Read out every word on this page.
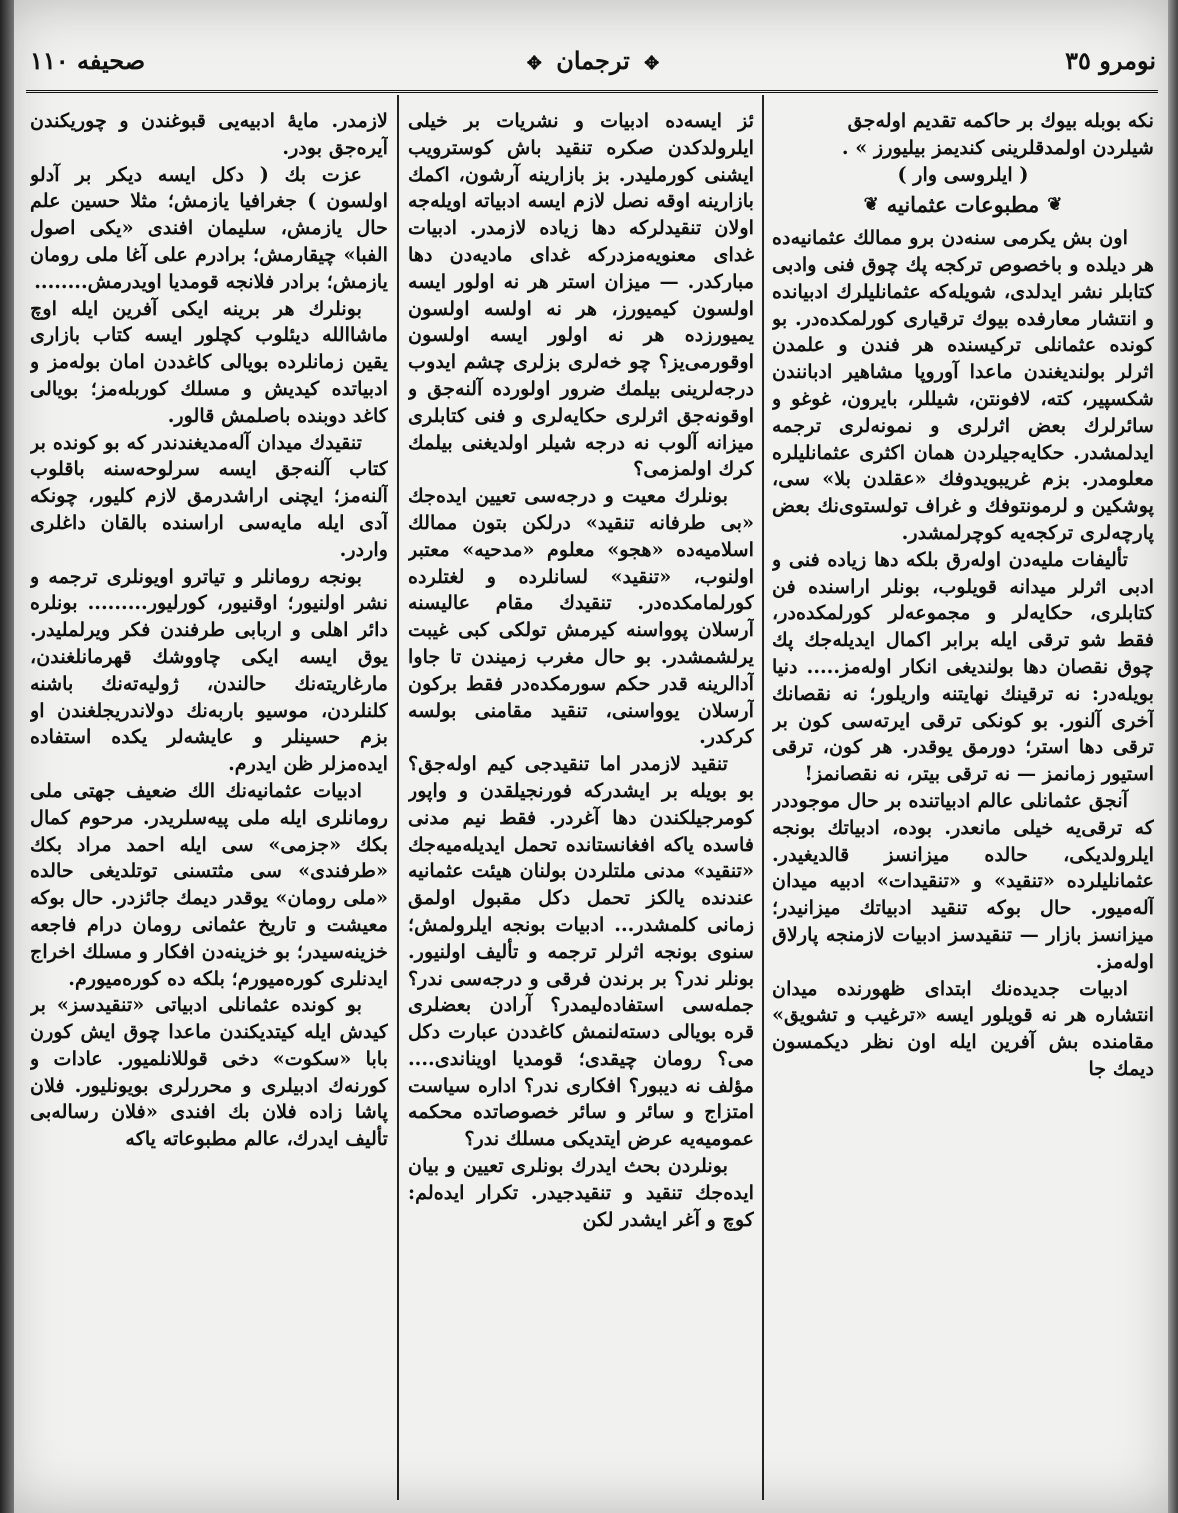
نومرو ٣٥
✥ ترجمان ✥
صحيفه ١١٠

نكه بوبله بيوك بر حاكمه تقديم اوله‌جق

شيلردن اولمدقلرينى كنديمز بيليورز » .

( ايلروسى وار )

❦
مطبوعات عثمانيه
❦

اون بش يكرمى سنه‌دن برو ممالك عثمانيه‌ده هر ديلده و باخصوص تركجه پك چوق فنى وادبى كتابلر نشر ايدلدى، شويله‌كه عثمانليلرك ادبيانده و انتشار معارفده بيوك ترقيارى كورلمكده‌در. بو كونده عثمانلى تركيسنده هر فندن و علمدن اثرلر بولنديغندن ماعدا آوروپا مشاهير ادبانندن شكسپير، كته، لافونتن، شيللر، بايرون، غوغو و سائرلرك بعض اثرلرى و نمونه‌لرى ترجمه ايدلمشدر. حكايه‌جيلردن همان اكثرى عثمانليلره معلومدر. بزم غريبويدوفك «عقلدن بلا» سى، پوشكين و لرمونتوفك و غراف تولستوى‌نك بعض پارچه‌لرى تركجه‌يه كوچرلمشدر.

تأليفات مليه‌دن اوله‌رق بلكه دها زياده فنى و ادبى اثرلر ميدانه قويلوب، بونلر ارا‌سنده فن كتابلرى، حكايه‌لر و مجموعه‌لر كورلمكده‌در، فقط شو ترقى ايله برابر اكمال ايديله‌جك پك چوق نقصان دها بولنديغى انكار اوله‌مز..... دنيا بويله‌در: نه ترقينك نهايتنه واريلور؛ نه نقصانك آخرى آلنور. بو كونكى ترقى ايرته‌سى كون بر ترقى دها استر؛ دورمق يوقدر. هر كون، ترقى استيور زمانمز — نه ترقى بيتر، نه نقصانمز!

آنجق عثمانلى عالم ادبياتنده بر حال موجوددر كه ترقى‌يه خيلى مانعدر. بوده، ادبياتك بونجه ايلرولديكى، حالده ميزانسز قالديغيدر. عثمانليلرده «تنقيد» و «تنقيدات» ادبيه ميدان آله‌ميور. حال بوكه تنقيد ادبياتك ميزانيدر؛ ميزانسز بازار — تنقيدسز ادبيات لازمنجه پارلاق اوله‌مز.

ادبيات جديده‌نك ابتداى ظهورنده ميدان انتشاره هر نه قويلور ايسه «ترغيب و تشويق» مقامنده بش آفرين ايله اون نظر ديكمسون ديمك جا

ئز ايسه‌ده ادبيات و نشريات بر خيلى ايلرولدكدن صكره تنقيد باش كوسترويب ايشنى كورمليدر. بز بازارينه آرشون، اكمك بازارينه اوقه نصل لازم ايسه ادبياته اويله‌جه اولان تنقيدلركه دها زياده لازمدر. ادبيات غداى معنويه‌مزدركه غداى ماديه‌دن دها مباركدر. — ميزان استر هر نه اولور ايسه اولسون كيميورز، هر نه اولسه اولسون يميورزده هر نه اولور ايسه اولسون اوقورمى‌يز؟ چو خه‌لرى بزلرى چشم ايدوب درجه‌لرينى بيلمك ضرور اولورده آلنه‌جق و اوقونه‌جق اثرلرى حكايه‌لرى و فنى كتابلرى ميزانه آلوب نه درجه شيلر اولديغنى بيلمك كرك اولمزمى؟

بونلرك معيت و درجه‌سى تعيين ايده‌جك «بى طرفانه تنقيد» درلكن بتون ممالك اسلاميه‌ده «هجو» معلوم «مدحيه» معتبر اولنوب، «تنقيد» لسانلرده و لغتلرده كورلمامكده‌در. تنقيدك مقام عاليسنه آرسلان پوواسنه كيرمش تولكى كبى غيبت يرلشمشدر. بو حال مغرب زميندن تا جاوا آدالرينه قدر حكم سورمكده‌در فقط بركون آرسلان يوواسنى، تنقيد مقامنى بولسه كركدر.

تنقيد لازمدر اما تنقيدجى كيم اوله‌جق؟ بو بويله بر ايشدركه فورنجيلقدن و واپور كومرجيلكندن دها آغردر. فقط نيم مدنى فاسده ياكه افغانستانده تحمل ايديله‌ميه‌جك «تنقيد» مدنى ملتلردن بولنان هيئت عثمانيه عندنده يالكز تحمل دكل مقبول اولمق زمانى كلمشدر... ادبيات بونجه ايلرولمش؛ سنوى بونجه اثرلر ترجمه و تأليف اولنيور. بونلر ندر؟ بر برندن فرقى و درجه‌سى ندر؟ جمله‌سى استفاده‌ليمدر؟ آرادن بعضلرى قره بويالى دسته‌لنمش كاغددن عبارت دكل مى؟ رومان چيقدى؛ قومديا اويناندى.... مؤلف نه ديبور؟ افكارى ندر؟ اداره سياست امتزاج و سائر و سائر خصوصاتده محكمه عموميه‌يه عرض ايتديكى مسلك ندر؟

بونلردن بحث ايدرك بونلرى تعيين و بيان ايده‌جك تنقيد و تنقيدجيدر. تكرار ايده‌لم: كوچ و آغر ايشدر لكن

لازمدر. مايهٔ ادبيه‌يى قبوغندن و چوريكندن آيره‌جق بودر.

عزت بك ( دكل ايسه ديكر بر آدلو اولسون ) جغرافيا يازمش؛ مثلا حسين علم حال يازمش، سليمان افندى «يكى اصول الفبا» چيقارمش؛ برادرم على آغا ملى رومان يازمش؛ برادر فلانجه قومديا اويدرمش........

بونلرك هر برينه ايكى آفرين ايله اوچ ماشاالله ديئلوب كچلور ايسه كتاب بازارى يقين زمانلرده بويالى كاغددن امان بوله‌مز و ادبياتده كيديش و مسلك كوربله‌مز؛ بويالى كاغد دوبنده باصلمش قالور.

تنقيدك ميدان آله‌مديغندندر كه بو كونده بر كتاب آلنه‌جق ايسه سرلوحه‌سنه باقلوب آلنه‌مز؛ ايچنى اراشدرمق لازم كليور، چونكه آدى ايله مايه‌سى ارا‌سنده بالقان داغلرى واردر.

بونجه رومانلر و تياترو اويونلرى ترجمه و نشر اولنيور؛ اوقنيور، كورليور......... بونلره دائر اهلى و اربابى طرفندن فكر ويرلمليدر. يوق ايسه ايكى چاووشك قهرمانلغندن، مارغاريته‌نك حالندن، ژوليه‌ته‌نك باشنه كلنلردن، موسيو باربه‌نك دولاندريجلغندن او بزم حسينلر و عايشه‌لر يكده استفاده ايده‌مزلر ظن ايدرم.

ادبيات عثمانيه‌نك الك ضعيف جهتى ملى رومانلرى ايله ملى پيه‌سلريدر. مرحوم كمال بكك «جزمى» سى ايله احمد مراد بكك «طرفندى» سى مثتسنى توتلديغى حالده «ملى رومان» يوقدر ديمك جائزدر. حال بوكه معيشت و تاريخ عثمانى رومان درام فاجعه خزينه‌سيدر؛ بو خزينه‌دن افكار و مسلك اخراج ايدنلرى كوره‌ميورم؛ بلكه ده كوره‌ميورم.

بو كونده عثمانلى ادبياتى «تنقيدسز» بر كيدش ايله كيتديكندن ماعدا چوق ايش كورن بابا «سكوت» دخى قوللانلميور. عادات و كورنه‌ك ادبيلرى و محررلرى بويونليور. فلان پاشا زاده فلان بك افندى «فلان رساله‌بى تأليف ايدرك، عالم مطبوعاته ياكه
